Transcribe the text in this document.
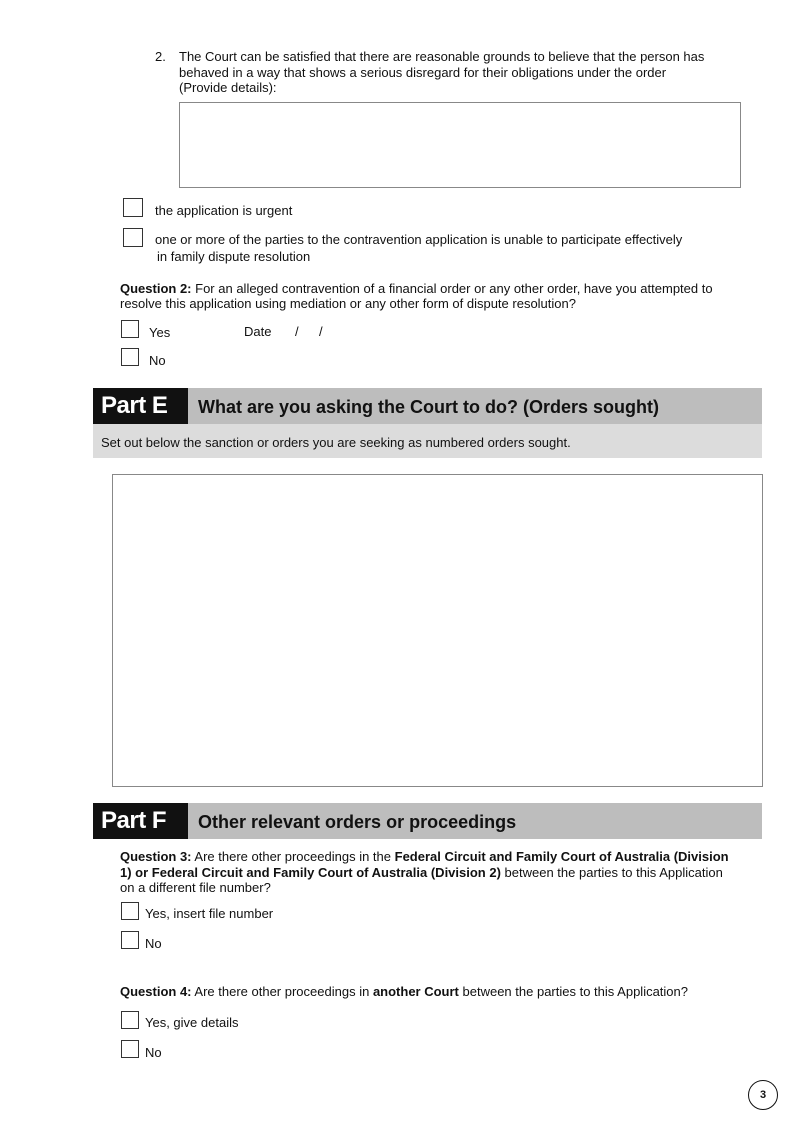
2. The Court can be satisfied that there are reasonable grounds to believe that the person has
behaved in a way that shows a serious disregard for their obligations under the order
(Provide details):
the application is urgent
one or more of the parties to the contravention application is unable to participate effectively
in family dispute resolution
Question 2: For an alleged contravention of a financial order or any other order, have you attempted to
resolve this application using mediation or any other form of dispute resolution?
Yes	Date / /
No
Part E	What are you asking the Court to do? (Orders sought)
Set out below the sanction or orders you are seeking as numbered orders sought.
Part F	Other relevant orders or proceedings
Question 3: Are there other proceedings in the Federal Circuit and Family Court of Australia (Division
1) or Federal Circuit and Family Court of Australia (Division 2) between the parties to this Application
on a different file number?
Yes, insert file number
No
Question 4: Are there other proceedings in another Court between the parties to this Application?
Yes, give details
No
3
